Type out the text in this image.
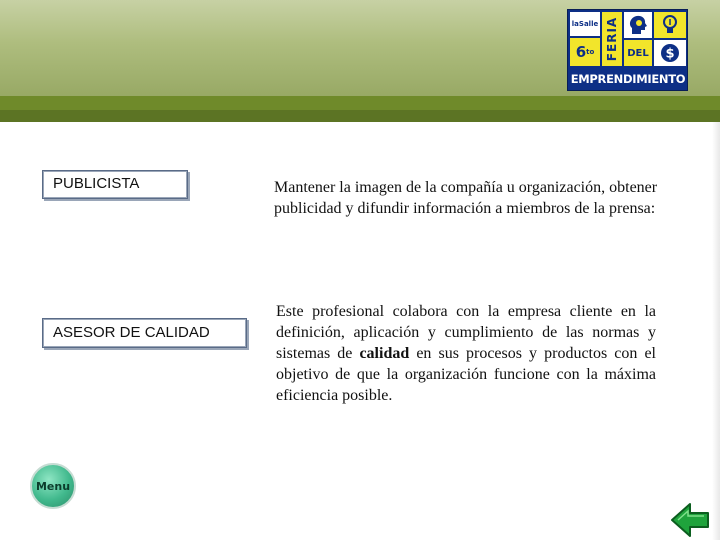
laSalle
6 to FERIA DEL $
EMPRENDIMIENTO
PUBLICISTA	Mantener la imagen de la compañía u organización, obtener publicidad y difundir información a miembros de la prensa:
ASESOR DE CALIDAD
Este profesional colabora con la empresa cliente en la definición, aplicación y cumplimiento de las normas y sistemas de calidad en sus procesos y productos con el objetivo de que la organización funcione con la máxima eficiencia posible.
Menu
